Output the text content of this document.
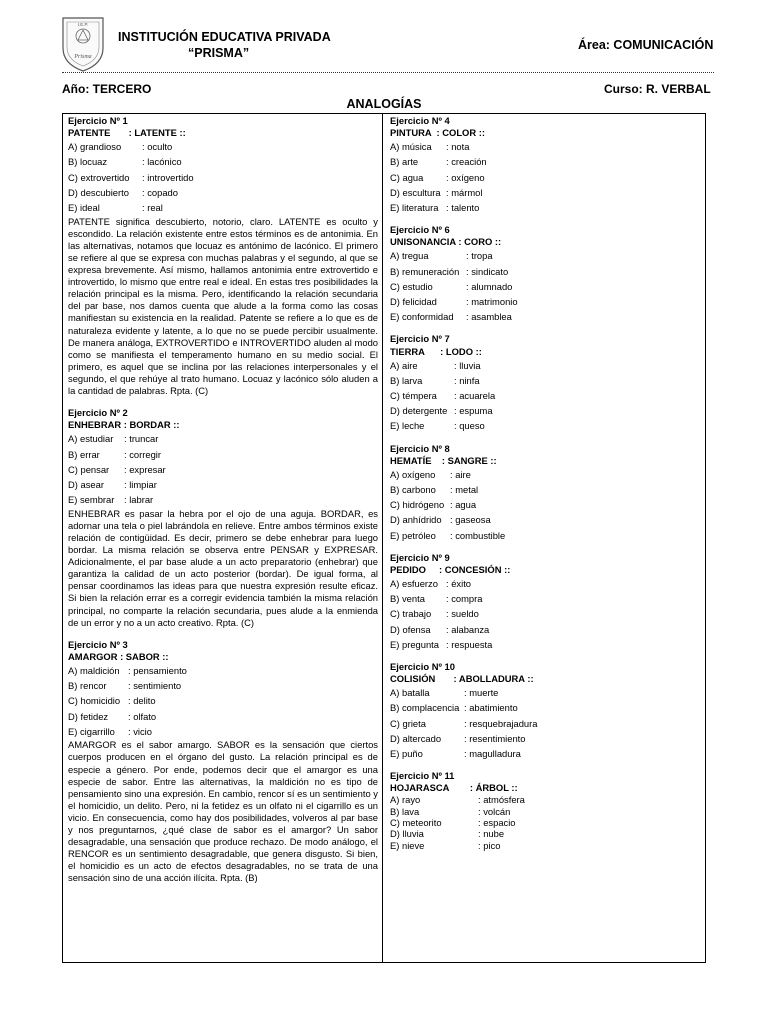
I.E.P.
Prisma
INSTITUCIÓN EDUCATIVA PRIVADA
“PRISMA”
Área: COMUNICACIÓN
Año: TERCERO	Curso: R. VERBAL
ANALOGÍAS
Ejercicio Nº 1
PATENTE       : LATENTE ::
A) grandioso	: oculto
B) locuaz	: lacónico
C) extrovertido	: introvertido
D) descubierto	: copado
E) ideal	: real
PATENTE significa descubierto, notorio, claro. LATENTE es oculto y escondido. La relación existente entre estos términos es de antonimia. En las alternativas, notamos que locuaz es antónimo de lacónico. El primero se refiere al que se expresa con muchas palabras y el segundo, al que se expresa brevemente. Así mismo, hallamos antonimia entre extrovertido e introvertido, lo mismo que entre real e ideal. En estas tres posibilidades la relación principal es la misma. Pero, identificando la relación secundaria del par base, nos damos cuenta que alude a la forma como las cosas manifiestan su existencia en la realidad. Patente se refiere a lo que es de naturaleza evidente y latente, a lo que no se puede percibir usualmente. De manera análoga, EXTROVERTIDO e INTROVERTIDO aluden al modo como se manifiesta el temperamento humano en su medio social. El primero, es aquel que se inclina por las relaciones interpersonales y el segundo, el que rehúye al trato humano. Locuaz y lacónico sólo aluden a la cantidad de palabras. Rpta. (C)
Ejercicio Nº 2
ENHEBRAR : BORDAR ::
A) estudiar	: truncar
B) errar	: corregir
C) pensar	: expresar
D) asear	: limpiar
E) sembrar	: labrar
ENHEBRAR es pasar la hebra por el ojo de una aguja. BORDAR, es adornar una tela o piel labrándola en relieve. Entre ambos términos existe relación de contigüidad. Es decir, primero se debe enhebrar para luego bordar. La misma relación se observa entre PENSAR y EXPRESAR. Adicionalmente, el par base alude a un acto preparatorio (enhebrar) que garantiza la calidad de un acto posterior (bordar). De igual forma, al pensar coordinamos las ideas para que nuestra expresión resulte eficaz. Si bien la relación errar es a corregir evidencia también la misma relación principal, no comparte la relación secundaria, pues alude a la enmienda de un error y no a un acto creativo. Rpta. (C)
Ejercicio Nº 3
AMARGOR : SABOR ::
A) maldición : pensamiento
B) rencor	: sentimiento
C) homicidio : delito
D) fetidez	: olfato
E) cigarrillo	: vicio
AMARGOR es el sabor amargo. SABOR es la sensación que ciertos cuerpos producen en el órgano del gusto. La relación principal es de especie a género. Por ende, podemos decir que el amargor es una especie de sabor. Entre las alternativas, la maldición no es tipo de pensamiento sino una expresión. En cambio, rencor sí es un sentimiento y el homicidio, un delito. Pero, ni la fetidez es un olfato ni el cigarrillo es un vicio. En consecuencia, como hay dos posibilidades, volveros al par base y nos preguntarnos, ¿qué clase de sabor es el amargor? Un sabor desagradable, una sensación que produce rechazo. De modo análogo, el RENCOR es un sentimiento desagradable, que genera disgusto. Si bien, el homicidio es un acto de efectos desagradables, no se trata de una sensación sino de una acción ilícita. Rpta. (B)
Ejercicio Nº 4
PINTURA  : COLOR ::
A) música	: nota
B) arte	: creación
C) agua	: oxígeno
D) escultura : mármol
E) literatura : talento
Ejercicio Nº 6
UNISONANCIA : CORO ::
A) tregua	: tropa
B) remuneración : sindicato
C) estudio	: alumnado
D) felicidad	: matrimonio
E) conformidad	: asamblea
Ejercicio Nº 7
TIERRA      : LODO ::
A) aire	: lluvia
B) larva	: ninfa
C) témpera	: acuarela
D) detergente : espuma
E) leche	: queso
Ejercicio Nº 8
HEMATÍE    : SANGRE ::
A) oxígeno	: aire
B) carbono	: metal
C) hidrógeno : agua
D) anhídrido : gaseosa
E) petróleo	: combustible
Ejercicio Nº 9
PEDIDO     : CONCESIÓN ::
A) esfuerzo : éxito
B) venta	: compra
C) trabajo	: sueldo
D) ofensa	: alabanza
E) pregunta : respuesta
Ejercicio Nº 10
COLISIÓN       : ABOLLADURA ::
A) batalla	: muerte
B) complacencia : abatimiento
C) grieta	: resquebrajadura
D) altercado	: resentimiento
E) puño	: magulladura
Ejercicio Nº 11
HOJARASCA        : ÁRBOL ::
A) rayo	: atmósfera
B) lava	: volcán
C) meteorito	: espacio
D) lluvia	: nube
E) nieve	: pico
